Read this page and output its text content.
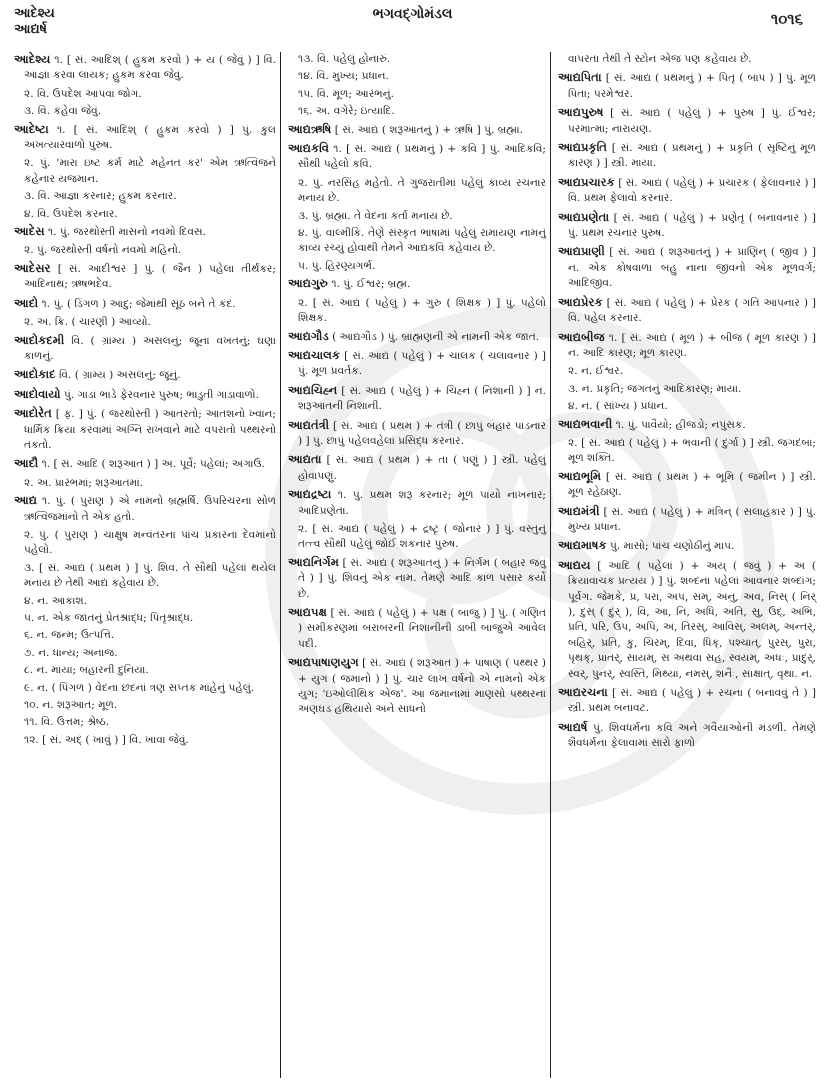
આદેશ્ય
આદ્યર્ષ
ભગવદ્ગોમંડલ	૧૦૧૬
આદેશ્ય ૧. [ સં. આદિશ્ ( હુકમ કરવો ) + ય ( જેવું ) ] વિ. આજ્ઞા કરવા લાયક; હુકમ કરવા જેવું.
૨. વિ. ઉપદેશ આપવા જોગ.
૩. વિ. કહેવા જેવું.
આદેષ્ટા ૧. [ સં. આદિશ્ ( હુકમ કરવો ) ] પું. કુલ અખત્યારવાળો પુરુષ.
૨. પું. 'મારા ઇષ્ટ કર્મ માટે મહેનત કર' એમ ઋત્વિજને કહેનાર યજમાન.
૩. વિ. આજ્ઞા કરનાર; હુકમ કરનાર.
૪. વિ. ઉપદેશ કરનાર.
આદેસ ૧. પું. જરથોસ્તી માસનો નવમો દિવસ.
૨. પું. જરથોસ્તી વર્ષનો નવમો મહિનો.
આદેસર [ સં. આદીશ્વર ] પું. ( જૈન ) પહેલા તીર્થંકર; આદિનાથ; ઋષભદેવ.
આદો ૧. પું. ( ડિંગળ ) આદુ; જેમાંથી સૂંઠ બને તે કંદ.
૨. અ. ક્રિ. ( ચારણી ) આવ્યો.
આદોકદમી વિ. ( ગ્રામ્ય ) અસલનું; જૂના વખતનું; ઘણા કાળનું.
આદોકાદ વિ. ( ગ્રામ્ય ) અસલનું; જૂનું.
આદોવાયો પું. ગાડાં ભાડે ફેરવનાર પુરુષ; ભાડુતી ગાડાવાળો.
આદોરેત [ ફ. ] પું. ( જરથોસ્તી ) આતરતો; આતશનો ખ્વાન; ધાર્મિક ક્રિયા કરવામાં અગ્નિ રાખવાને માટે વપરાતો પથ્થરનો તકતો.
આદૌ ૧. [ સં. આદિ ( શરૂઆત ) ] અ. પૂર્વે; પહેલાં; અગાઉ.
૨. અ. પ્રારંભમાં; શરૂઆતમાં.
આદ્ય ૧. પું. ( પુરાણ ) એ નામનો બ્રહ્મર્ષિ. ઉપરિચરના સોળ ઋત્વિજમાંનો તે એક હતો.
૨. પું. ( પુરાણ ) ચાક્ષુષ મન્વંતરના પાંચ પ્રકારના દેવમાંનો પહેલો.
૩. [ સં. આદ્ય ( પ્રથમ ) ] પું. શિવ. તે સૌથી પહેલાં થયેલ મનાય છે તેથી આદ્ય કહેવાય છે.
૪. ન. આકાશ.
૫. ન. એક જાતનું પ્રેતશ્રાદ્ધ; પિતૃશ્રાદ્ધ.
૬. ન. જન્મ; ઉત્પત્તિ.
૭. ન. ધાન્ય; અનાજ.
૮. ન. માયા; બહારની દુનિયા.
૯. ન. ( પિંગળ ) વેદના છંદનાં ત્રણ સપ્તક માંહેનું પહેલું.
૧૦. ન. શરૂઆત; મૂળ.
૧૧. વિ. ઉત્તમ; શ્રેષ્ઠ.
૧૨. [ સં. અદ્ ( ખાવું ) ] વિ. ખાવા જેવું.
૧૩. વિ. પહેલું હોનારું.
૧૪. વિ. મુખ્ય; પ્રધાન.
૧૫. વિ. મૂળ; આરંભનું.
૧૬. અ. વગેરે; ઇત્યાદિ.
આદ્યઋષિ [ સં. આદ્ય ( શરૂઆતનું ) + ઋષિ ] પું. બ્રહ્મા.
આદ્યકવિ ૧. [ સં. આદ્ય ( પ્રથમનું ) + કવિ ] પું. આદિકવિ; સૌથી પહેલો કવિ.
૨. પું. નરસિંહ મહેતો. તે ગુજરાતીમાં પહેલું કાવ્ય રચનાર મનાય છે.
૩. પું. બ્રહ્મા. તે વેદના કર્તા મનાય છે.
૪. પું. વાલ્મીકિ. તેણે સંસ્કૃત ભાષામાં પહેલું રામાયણ નામનું કાવ્ય રચ્યું હોવાથી તેમને આદ્યકવિ કહેવાય છે.
૫. પું. હિરણ્યગર્ભ.
આદ્યગુરુ ૧. પું. ઈશ્વર; બ્રહ્મ.
૨. [ સં. આદ્ય ( પહેલું ) + ગુરુ ( શિક્ષક ) ] પું. પહેલો શિક્ષક.
આદ્યગૌડ ( આદ્યગૌડ ) પું. બ્રાહ્મણની એ નામની એક જાત.
આદ્યચાલક [ સં. આદ્ય ( પહેલું ) + ચાલક ( ચલાવનાર ) ] પું. મૂળ પ્રવર્તક.
આદ્યચિહ્ન [ સં. આદ્ય ( પહેલું ) + ચિહ્ન ( નિશાની ) ] ન. શરૂઆતની નિશાની.
આદ્યતંત્રી [ સં. આદ્ય ( પ્રથમ ) + તંત્રી ( છાપું બહાર પાડનાર ) ] પું. છાપું પહેલવહેલાં પ્રસિદ્ધ કરનાર.
આદ્યતા [ સં. આદ્ય ( પ્રથમ ) + તા ( પણું ) ] સ્ત્રી. પહેલું હોવાપણું.
આદ્યદ્રષ્ટા ૧. પું. પ્રથમ શરૂ કરનાર; મૂળ પાયો નાખનાર; આદિપ્રણેતા.
૨. [ સં. આદ્ય ( પહેલું ) + દ્રષ્ટૃ ( જોનાર ) ] પું. વસ્તુનું તત્ત્વ સૌથી પહેલું જોઈ શકનાર પુરુષ.
આદ્યનિર્ગમ [ સં. આદ્ય ( શરૂઆતનું ) + નિર્ગમ ( બહાર જવું તે ) ] પું. શિવનું એક નામ. તેમણે આદિ કાળ પસાર કર્યો છે.
આદ્યપક્ષ [ સં. આદ્ય ( પહેલું ) + પક્ષ ( બાજુ ) ] પું. ( ગણિત ) સમીકરણમાં બરાબરની નિશાનીની ડાબી બાજુએ આવેલ પદી.
આદ્યપાષાણયુગ [ સં. આદ્ય ( શરૂઆત ) + પાષાણ ( પથ્થર ) + યુગ ( જમાનો ) ] પું. ચાર લાખ વર્ષનો એ નામનો એક યુગ; 'ઇઓલીથિક એજ'. આ જમાનામાં માણસો પથ્થરનાં અણઘડ હથિયારો અને સાધનો
વાપરતા તેથી તે સ્ટોન એજ પણ કહેવાય છે.
આદ્યપિતા [ સં. આદ્ય ( પ્રથમનું ) + પિતૃ ( બાપ ) ] પું. મૂળ પિતા; પરમેશ્વર.
આદ્યપુરુષ [ સં. આદ્ય ( પહેલું ) + પુરુષ ] પું. ઈશ્વર; પરમાત્મા; નારાયણ.
આદ્યપ્રકૃતિ [ સં. આદ્ય ( પ્રથમનું ) + પ્રકૃતિ ( સૃષ્ટિનું મૂળ કારણ ) ] સ્ત્રી. માયા.
આદ્યપ્રચારક [ સં. આદ્ય ( પહેલું ) + પ્રચારક ( ફેલાવનાર ) ] વિ. પ્રથમ ફેલાવો કરનાર.
આદ્યપ્રણેતા [ સં. આદ્ય ( પહેલું ) + પ્રણેતૃ ( બનાવનાર ) ] પું. પ્રથમ રચનાર પુરુષ.
આદ્યપ્રાણી [ સં. આદ્ય ( શરૂઆતનું ) + પ્રાણિન્ ( જીવ ) ] ન. એક કોષવાળા બહુ નાના જીવનો એક મૂળવર્ગ; આદિજીવ.
આદ્યપ્રેરક [ સં. આદ્ય ( પહેલું ) + પ્રેરક ( ગતિ આપનાર ) ] વિ. પહેલ કરનાર.
આદ્યબીજ ૧. [ સં. આદ્ય ( મૂળ ) + બીજ ( મૂળ કારણ ) ] ન. આદિ કારણ; મૂળ કારણ.
૨. ન. ઈશ્વર.
૩. ન. પ્રકૃતિ; જગતનું આદિકારણ; માયા.
૪. ન. ( સાંખ્ય ) પ્રધાન.
આદ્યભવાની ૧. પું. પાવૈયો; હીજડો; નપુંસક.
૨. [ સં. આદ્ય ( પહેલું ) + ભવાની ( દુર્ગા ) ] સ્ત્રી. જગદંબા; મૂળ શક્તિ.
આદ્યભૂમિ [ સં. આદ્ય ( પ્રથમ ) + ભૂમિ ( જમીન ) ] સ્ત્રી. મૂળ રહેઠાણ.
આદ્યમંત્રી [ સં. આદ્ય ( પહેલું ) + મંત્રિન્ ( સલાહકાર ) ] પું. મુખ્ય પ્રધાન.
આદ્યમાષક પું. માસો; પાંચ ચણોઠીનું માપ.
આદ્યય [ આદિ ( પહેલાં ) + અય્ ( જવું ) + અ ( ક્રિયાવાચક પ્રત્યય ) ] પું. શબ્દના પહેલાં આવનાર શબ્દાંગ; પૂર્વગ. જેમકે, પ્ર, પરા, અપ, સમ્, અનુ, અવ, નિસ્ ( નિર્ ), દુસ્ ( દુર્ ), વિ, આ, નિ, અધિ, અતિ, સુ, ઉદ્, અભિ, પ્રતિ, પરિ, ઉપ, અપિ, અ, તિરસ્, આવિસ્, અલમ્, અન્તર્, બહિર્, પ્રતિ, કુ, ચિરમ્, દિવા, ધિક્, પશ્ચાત્, પુરસ્, પુરા, પૃથક્, પ્રાતર્, સાયમ્, સ અથવા સહ, સ્વયમ્, અધઃ, પ્રાદુર્, સ્વર્, પુનર્, સ્વસ્તિ, મિથ્યા, નમસ્, શનૈઃ, સાક્ષાત્, વૃથા. ન.
આદ્યરચના [ સં. આદ્ય ( પહેલું ) + રચના ( બનાવવું તે ) ] સ્ત્રી. પ્રથમ બનાવટ.
આદ્યર્ષ પું. શિવધર્મના કવિ અને ગવૈયાઓની મંડળી. તેમણે શૈવધર્મના ફેલાવામાં સારો ફાળો
